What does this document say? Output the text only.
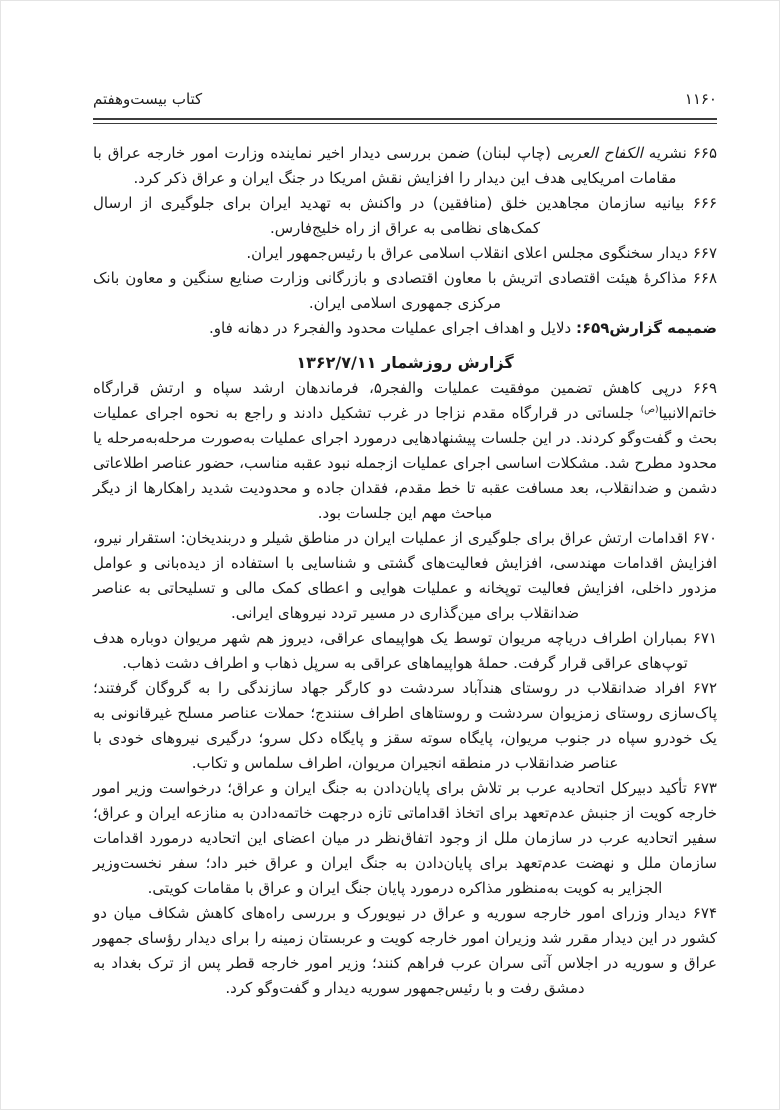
کتاب بیست‌وهفتم	۱۱۶۰

۶۶۵ نشریه الکفاح العربی (چاپ لبنان) ضمن بررسی دیدار اخیر نماینده وزارت امور خارجه عراق با مقامات امریکایی هدف این دیدار را افزایش نقش امریکا در جنگ ایران و عراق ذکر کرد.

۶۶۶ بیانیه سازمان مجاهدین خلق (منافقین) در واکنش به تهدید ایران برای جلوگیری از ارسال کمک‌های نظامی به عراق از راه خلیج‌فارس.

۶۶۷ دیدار سخنگوی مجلس اعلای انقلاب اسلامی عراق با رئیس‌جمهور ایران.

۶۶۸ مذاکرهٔ هیئت اقتصادی اتریش با معاون اقتصادی و بازرگانی وزارت صنایع سنگین و معاون بانک مرکزی جمهوری اسلامی ایران.

ضمیمه گزارش۶۵۹: دلایل و اهداف اجرای عملیات محدود والفجر۶ در دهانه فاو.

گزارش روزشمار ۱۳۶۲/۷/۱۱

۶۶۹ درپی کاهش تضمین موفقیت عملیات والفجر۵، فرماندهان ارشد سپاه و ارتش قرارگاه خاتم‌الانبیا$^{(ص)}$ جلساتی در قرارگاه مقدم نزاجا در غرب تشکیل دادند و راجع به نحوه اجرای عملیات بحث و گفت‌وگو کردند. در این جلسات پیشنهادهایی درمورد اجرای عملیات به‌صورت مرحله‌به‌مرحله یا محدود مطرح شد. مشکلات اساسی اجرای عملیات ازجمله نبود عقبه مناسب، حضور عناصر اطلاعاتی دشمن و ضدانقلاب، بعد مسافت عقبه تا خط مقدم، فقدان جاده و محدودیت شدید راهکارها از دیگر مباحث مهم این جلسات بود.

۶۷۰ اقدامات ارتش عراق برای جلوگیری از عملیات ایران در مناطق شیلر و دربندیخان: استقرار نیرو، افزایش اقدامات مهندسی، افزایش فعالیت‌های گشتی و شناسایی با استفاده از دیده‌بانی و عوامل مزدور داخلی، افزایش فعالیت توپخانه و عملیات هوایی و اعطای کمک مالی و تسلیحاتی به عناصر ضدانقلاب برای مین‌گذاری در مسیر تردد نیروهای ایرانی.

۶۷۱ بمباران اطراف دریاچه مریوان توسط یک هواپیمای عراقی، دیروز هم شهر مریوان دوباره هدف توپ‌های عراقی قرار گرفت. حملهٔ هواپیماهای عراقی به سرپل ذهاب و اطراف دشت ذهاب.

۶۷۲ افراد ضدانقلاب در روستای هندآباد سردشت دو کارگر جهاد سازندگی را به گروگان گرفتند؛ پاک‌سازی روستای زمزیوان سردشت و روستاهای اطراف سنندج؛ حملات عناصر مسلح غیرقانونی به یک خودرو سپاه در جنوب مریوان، پایگاه سوته سقز و پایگاه دکل سرو؛ درگیری نیروهای خودی با عناصر ضدانقلاب در منطقه انجیران مریوان، اطراف سلماس و تکاب.

۶۷۳ تأکید دبیرکل اتحادیه عرب بر تلاش برای پایان‌دادن به جنگ ایران و عراق؛ درخواست وزیر امور خارجه کویت از جنبش عدم‌تعهد برای اتخاذ اقداماتی تازه درجهت خاتمه‌دادن به منازعه ایران و عراق؛ سفیر اتحادیه عرب در سازمان ملل از وجود اتفاق‌نظر در میان اعضای این اتحادیه درمورد اقدامات سازمان ملل و نهضت عدم‌تعهد برای پایان‌دادن به جنگ ایران و عراق خبر داد؛ سفر نخست‌وزیر الجزایر به کویت به‌منظور مذاکره درمورد پایان جنگ ایران و عراق با مقامات کویتی.

۶۷۴ دیدار وزرای امور خارجه سوریه و عراق در نیویورک و بررسی راه‌های کاهش شکاف میان دو کشور در این دیدار مقرر شد وزیران امور خارجه کویت و عربستان زمینه را برای دیدار رؤسای جمهور عراق و سوریه در اجلاس آتی سران عرب فراهم کنند؛ وزیر امور خارجه قطر پس از ترک بغداد به دمشق رفت و با رئیس‌جمهور سوریه دیدار و گفت‌وگو کرد.
